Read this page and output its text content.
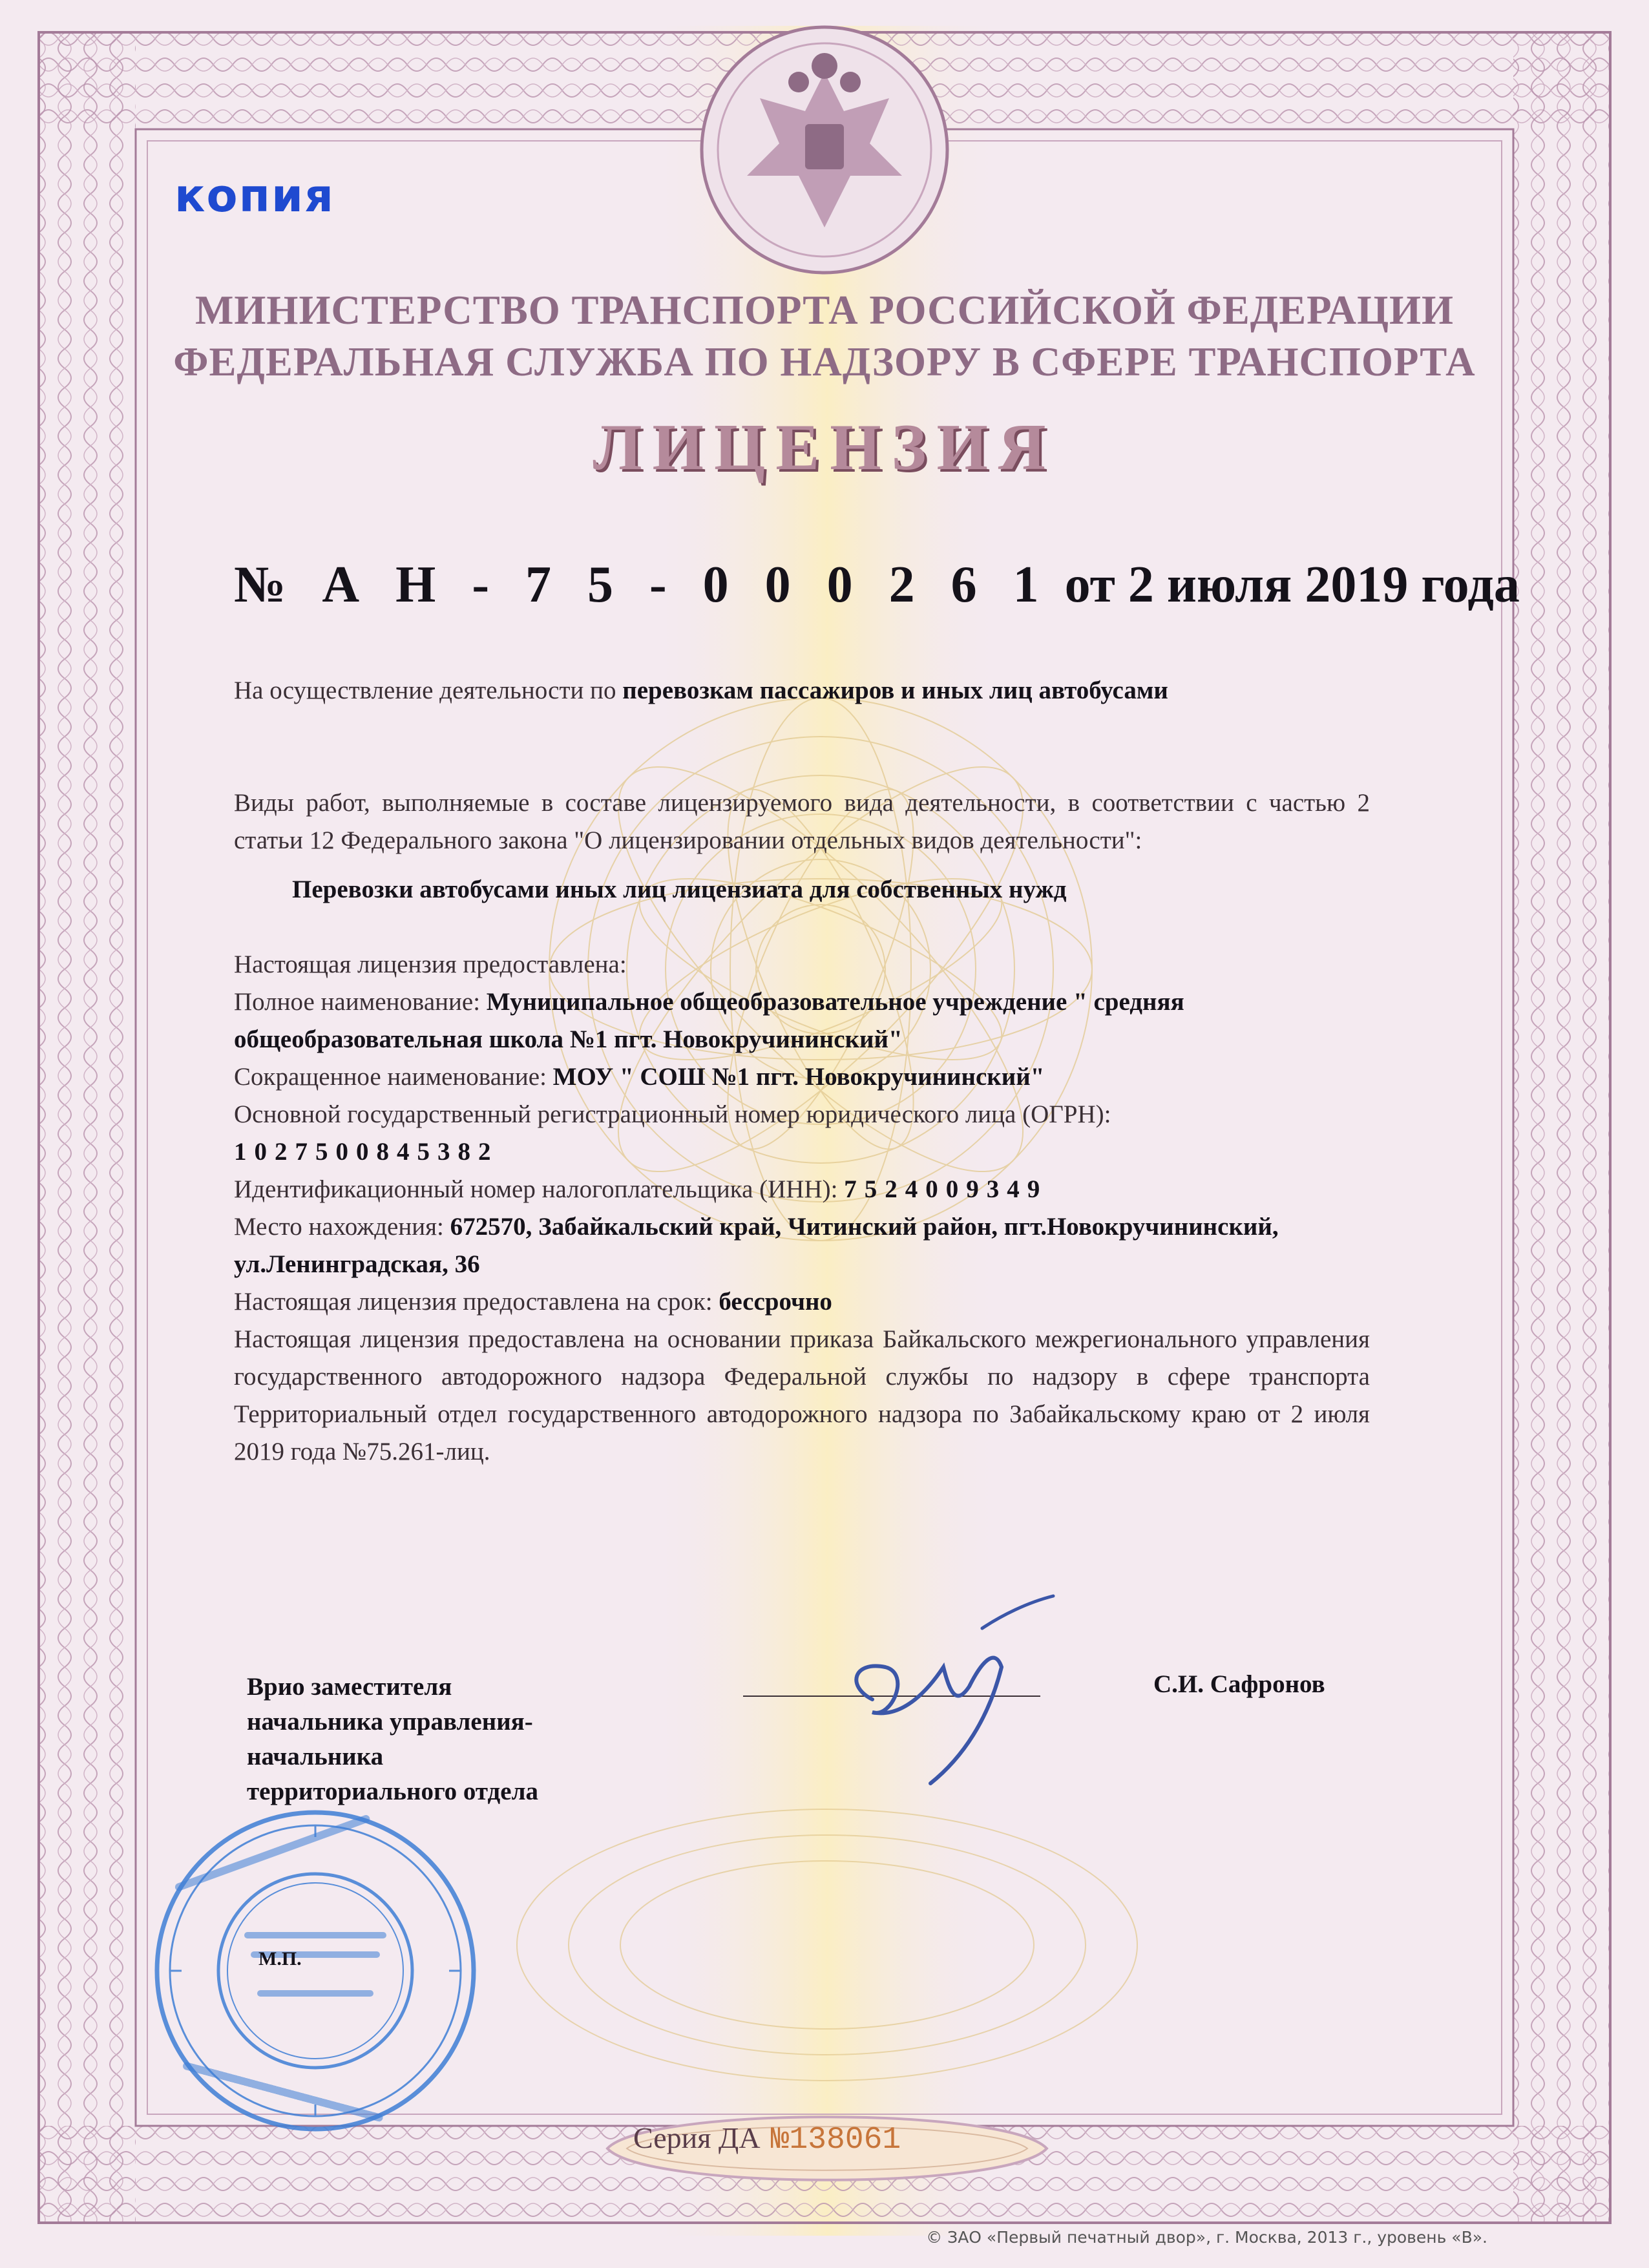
копия

МИНИСТЕРСТВО ТРАНСПОРТА РОССИЙСКОЙ ФЕДЕРАЦИИ

ФЕДЕРАЛЬНАЯ СЛУЖБА ПО НАДЗОРУ В СФЕРЕ ТРАНСПОРТА

ЛИЦЕНЗИЯ

№ А Н - 7 5 - 0 0 0 2 6 1 от 2 июля 2019 года

На осуществление деятельности по перевозкам пассажиров и иных лиц автобусами

Виды работ, выполняемые в составе лицензируемого вида деятельности, в соответствии с частью 2 статьи 12 Федерального закона "О лицензировании отдельных видов деятельности":

Перевозки автобусами иных лиц лицензиата для собственных нужд

Настоящая лицензия предоставлена:

Полное наименование: Муниципальное общеобразовательное учреждение " средняя общеобразовательная школа №1 пгт. Новокручининский"

Сокращенное наименование: МОУ " СОШ №1 пгт. Новокручининский"

Основной государственный регистрационный номер юридического лица (ОГРН):

1027500845382

Идентификационный номер налогоплательщика (ИНН): 7524009349

Место нахождения: 672570, Забайкальский край, Читинский район, пгт.Новокручининский, ул.Ленинградская, 36

Настоящая лицензия предоставлена на срок: бессрочно

Настоящая лицензия предоставлена на основании приказа Байкальского межрегионального управления государственного автодорожного надзора Федеральной службы по надзору в сфере транспорта Территориальный отдел государственного автодорожного надзора по Забайкальскому краю от 2 июля 2019 года №75.261-лиц.

Врио заместителя
начальника управления-
начальника
территориального отдела

С.И. Сафронов

М.П.

Серия ДА №138061

© ЗАО «Первый печатный двор», г. Москва, 2013 г., уровень «В».
